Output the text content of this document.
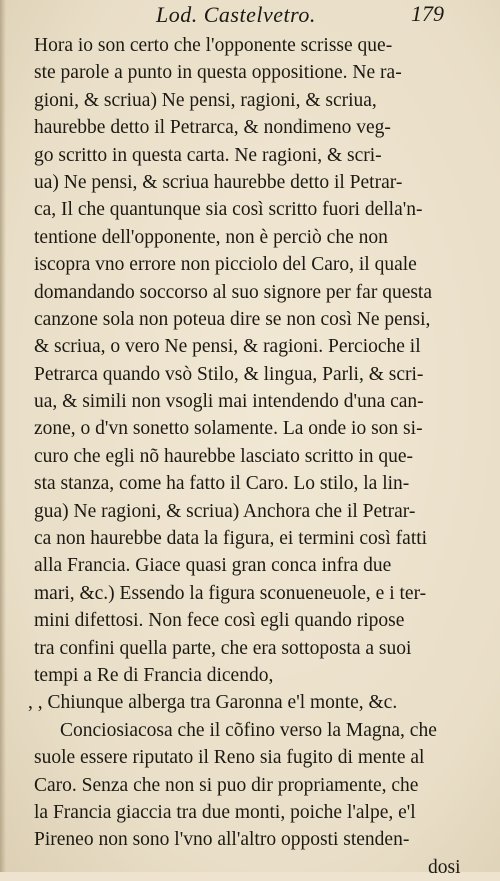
Lod. Castelvetro.	179
Hora io son certo che l'opponente scrisse que-
ste parole a punto in questa oppositione. Ne ra-
gioni, & scriua) Ne pensi, ragioni, & scriua,
haurebbe detto il Petrarca, & nondimeno veg-
go scritto in questa carta. Ne ragioni, & scri-
ua) Ne pensi, & scriua haurebbe detto il Petrar-
ca, Il che quantunque sia così scritto fuori della'n-
tentione dell'opponente, non è perciò che non
iscopra vno errore non picciolo del Caro, il quale
domandando soccorso al suo signore per far questa
canzone sola non poteua dire se non così Ne pensi,
& scriua, o vero Ne pensi, & ragioni. Percioche il
Petrarca quando vsò Stilo, & lingua, Parli, & scri-
ua, & simili non vsogli mai intendendo d'una can-
zone, o d'vn sonetto solamente. La onde io son si-
curo che egli nõ haurebbe lasciato scritto in que-
sta stanza, come ha fatto il Caro. Lo stilo, la lin-
gua) Ne ragioni, & scriua) Anchora che il Petrar-
ca non haurebbe data la figura, ei termini così fatti
alla Francia. Giace quasi gran conca infra due
mari, &c.) Essendo la figura sconueneuole, e i ter-
mini difettosi. Non fece così egli quando ripose
tra confini quella parte, che era sottoposta a suoi
tempi a Re di Francia dicendo,
, , Chiunque alberga tra Garonna e'l monte, &c.
Conciosiacosa che il cõfino verso la Magna, che
suole essere riputato il Reno sia fugito di mente al
Caro. Senza che non si puo dir propriamente, che
la Francia giaccia tra due monti, poiche l'alpe, e'l
Pireneo non sono l'vno all'altro opposti stenden-
dosi
